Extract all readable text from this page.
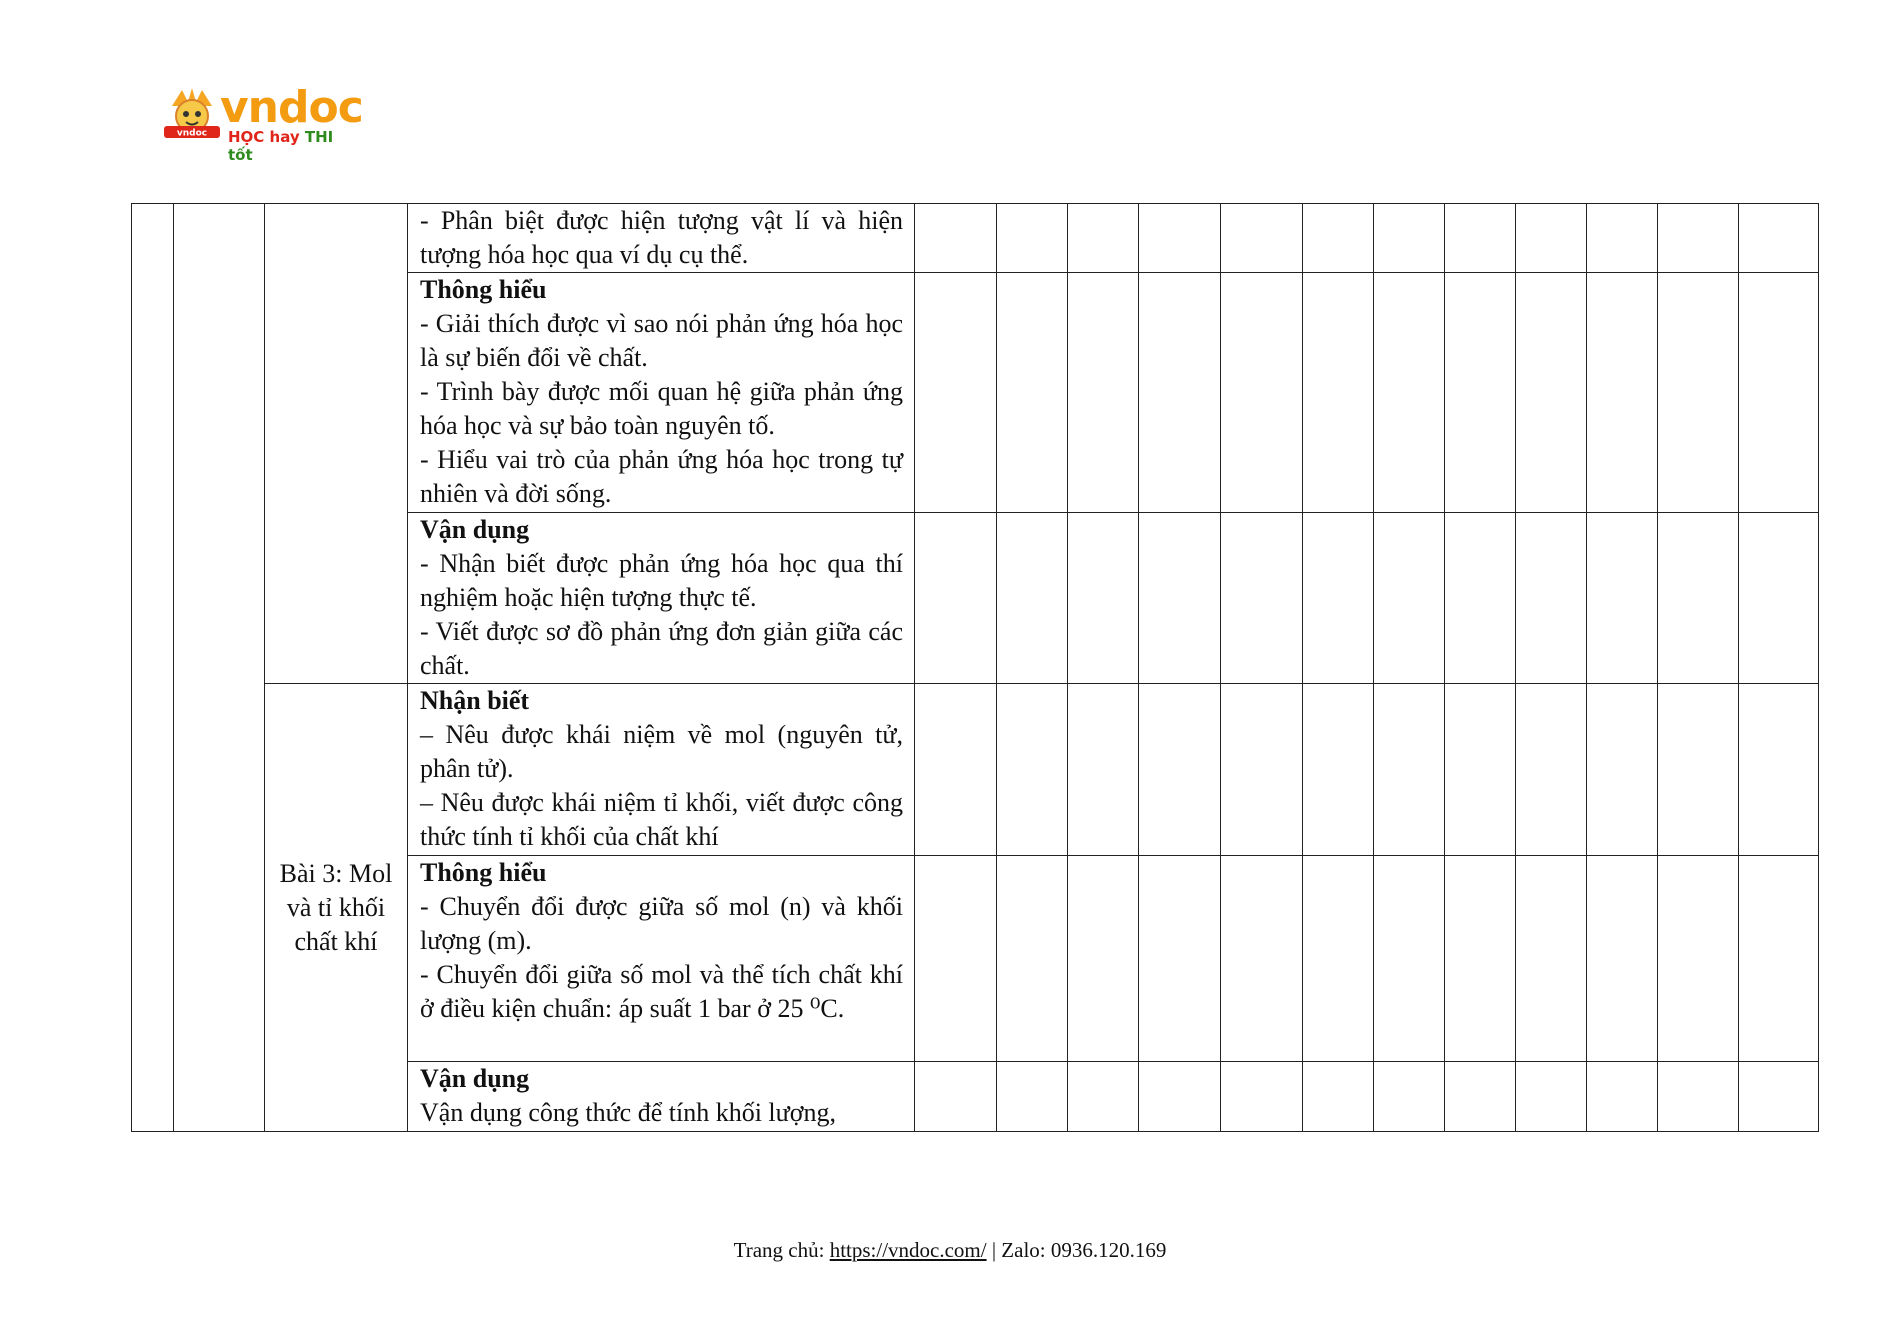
vndoc
vndoc
HỌC hay THI tốt

			- Phân biệt được hiện tượng vật lí và hiện tượng hóa học qua ví dụ cụ thể.												

			Thông hiểu
- Giải thích được vì sao nói phản ứng hóa học là sự biến đổi về chất.
- Trình bày được mối quan hệ giữa phản ứng hóa học và sự bảo toàn nguyên tố.
- Hiểu vai trò của phản ứng hóa học trong tự nhiên và đời sống.												

			Vận dụng
- Nhận biết được phản ứng hóa học qua thí nghiệm hoặc hiện tượng thực tế.
- Viết được sơ đồ phản ứng đơn giản giữa các chất.												

		Bài 3: Mol và tỉ khối chất khí	Nhận biết
– Nêu được khái niệm về mol (nguyên tử, phân tử).
– Nêu được khái niệm tỉ khối, viết được công thức tính tỉ khối của chất khí												

			Thông hiểu
- Chuyển đổi được giữa số mol (n) và khối lượng (m).
- Chuyển đổi giữa số mol và thể tích chất khí ở điều kiện chuẩn: áp suất 1 bar ở 25 ⁰C.												

			Vận dụng
Vận dụng công thức để tính khối lượng,												

Trang chủ: https://vndoc.com/ | Zalo: 0936.120.169
